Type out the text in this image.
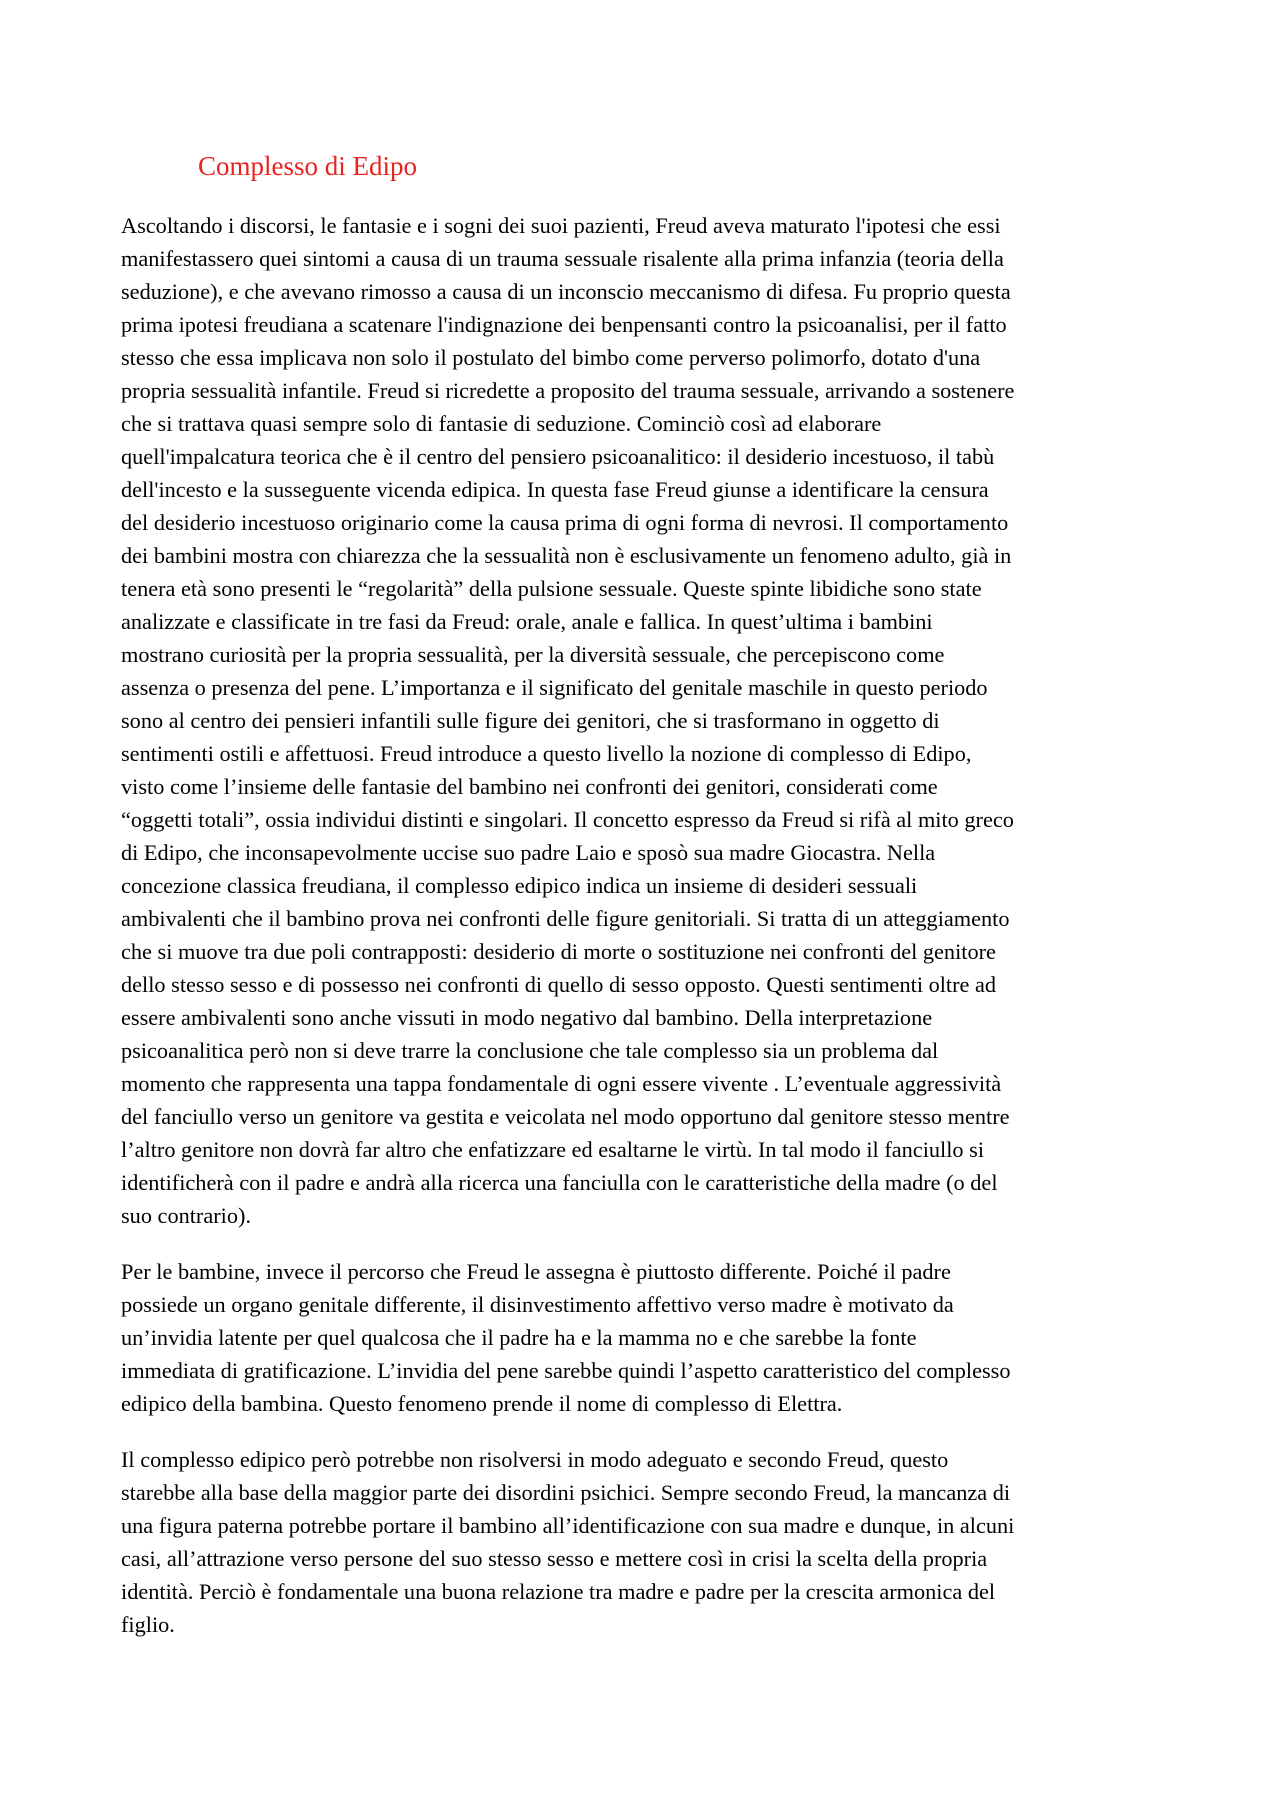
Complesso di Edipo

Ascoltando i discorsi, le fantasie e i sogni dei suoi pazienti, Freud aveva maturato l'ipotesi che essi
manifestassero quei sintomi a causa di un trauma sessuale risalente alla prima infanzia (teoria della
seduzione), e che avevano rimosso a causa di un inconscio meccanismo di difesa. Fu proprio questa
prima ipotesi freudiana a scatenare l'indignazione dei benpensanti contro la psicoanalisi, per il fatto
stesso che essa implicava non solo il postulato del bimbo come perverso polimorfo, dotato d'una
propria sessualità infantile. Freud si ricredette a proposito del trauma sessuale, arrivando a sostenere
che si trattava quasi sempre solo di fantasie di seduzione. Cominciò così ad elaborare
quell'impalcatura teorica che è il centro del pensiero psicoanalitico: il desiderio incestuoso, il tabù
dell'incesto e la susseguente vicenda edipica. In questa fase Freud giunse a identificare la censura
del desiderio incestuoso originario come la causa prima di ogni forma di nevrosi. Il comportamento
dei bambini mostra con chiarezza che la sessualità non è esclusivamente un fenomeno adulto, già in
tenera età sono presenti le “regolarità” della pulsione sessuale. Queste spinte libidiche sono state
analizzate e classificate in tre fasi da Freud: orale, anale e fallica. In quest’ultima i bambini
mostrano curiosità per la propria sessualità, per la diversità sessuale, che percepiscono come
assenza o presenza del pene. L’importanza e il significato del genitale maschile in questo periodo
sono al centro dei pensieri infantili sulle figure dei genitori, che si trasformano in oggetto di
sentimenti ostili e affettuosi. Freud introduce a questo livello la nozione di complesso di Edipo,
visto come l’insieme delle fantasie del bambino nei confronti dei genitori, considerati come
“oggetti totali”, ossia individui distinti e singolari. Il concetto espresso da Freud si rifà al mito greco
di Edipo, che inconsapevolmente uccise suo padre Laio e sposò sua madre Giocastra. Nella
concezione classica freudiana, il complesso edipico indica un insieme di desideri sessuali
ambivalenti che il bambino prova nei confronti delle figure genitoriali. Si tratta di un atteggiamento
che si muove tra due poli contrapposti: desiderio di morte o sostituzione nei confronti del genitore
dello stesso sesso e di possesso nei confronti di quello di sesso opposto. Questi sentimenti oltre ad
essere ambivalenti sono anche vissuti in modo negativo dal bambino. Della interpretazione
psicoanalitica però non si deve trarre la conclusione che tale complesso sia un problema dal
momento che rappresenta una tappa fondamentale di ogni essere vivente . L’eventuale aggressività
del fanciullo verso un genitore va gestita e veicolata nel modo opportuno dal genitore stesso mentre
l’altro genitore non dovrà far altro che enfatizzare ed esaltarne le virtù. In tal modo il fanciullo si
identificherà con il padre e andrà alla ricerca una fanciulla con le caratteristiche della madre (o del
suo contrario).

Per le bambine, invece il percorso che Freud le assegna è piuttosto differente. Poiché il padre
possiede un organo genitale differente, il disinvestimento affettivo verso madre è motivato da
un’invidia latente per quel qualcosa che il padre ha e la mamma no e che sarebbe la fonte
immediata di gratificazione. L’invidia del pene sarebbe quindi l’aspetto caratteristico del complesso
edipico della bambina. Questo fenomeno prende il nome di complesso di Elettra.

Il complesso edipico però potrebbe non risolversi in modo adeguato e secondo Freud, questo
starebbe alla base della maggior parte dei disordini psichici. Sempre secondo Freud, la mancanza di
una figura paterna potrebbe portare il bambino all’identificazione con sua madre e dunque, in alcuni
casi, all’attrazione verso persone del suo stesso sesso e mettere così in crisi la scelta della propria
identità. Perciò è fondamentale una buona relazione tra madre e padre per la crescita armonica del
figlio.
